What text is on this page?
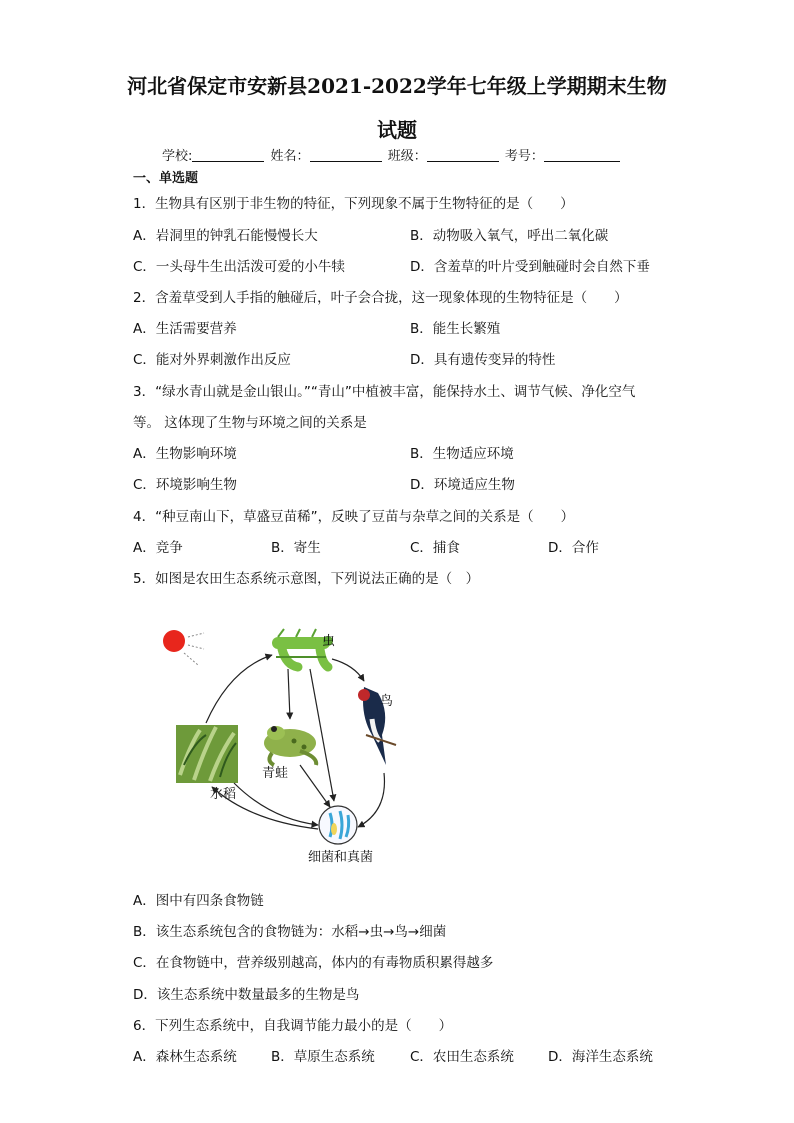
河北省保定市安新县2021-2022学年七年级上学期期末生物
试题
学校:	姓名：	班级：	考号：
一、单选题
1．生物具有区别于非生物的特征，下列现象不属于生物特征的是（　　）
A．岩洞里的钟乳石能慢慢长大	B．动物吸入氧气，呼出二氧化碳
C．一头母牛生出活泼可爱的小牛犊	D．含羞草的叶片受到触碰时会自然下垂
2．含羞草受到人手指的触碰后，叶子会合拢，这一现象体现的生物特征是（　　）
A．生活需要营养	B．能生长繁殖
C．能对外界刺激作出反应	D．具有遗传变异的特性
3．“绿水青山就是金山银山。”“青山”中植被丰富，能保持水土、调节气候、净化空气
等。 这体现了生物与环境之间的关系是
A．生物影响环境	B．生物适应环境
C．环境影响生物	D．环境适应生物
4．“种豆南山下，草盛豆苗稀”，反映了豆苗与杂草之间的关系是（　　）
A．竞争	B．寄生	C．捕食	D．合作
5．如图是农田生态系统示意图，下列说法正确的是（　）
虫
鸟
水稻
青蛙
细菌和真菌
A．图中有四条食物链
B．该生态系统包含的食物链为：水稻→虫→鸟→细菌
C．在食物链中，营养级别越高，体内的有毒物质积累得越多
D．该生态系统中数量最多的生物是鸟
6．下列生态系统中，自我调节能力最小的是（　　）
A．森林生态系统	B．草原生态系统	C．农田生态系统	D．海洋生态系统
